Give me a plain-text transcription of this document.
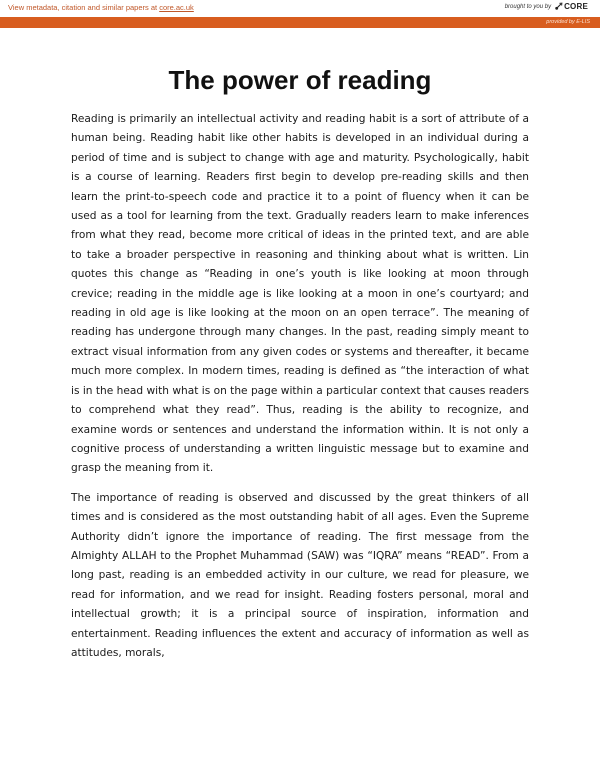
View metadata, citation and similar papers at core.ac.uk	brought to you by CORE
provided by E-LIS
The power of reading

Reading is primarily an intellectual activity and reading habit is a sort of attribute of a human being. Reading habit like other habits is developed in an individual during a period of time and is subject to change with age and maturity. Psychologically, habit is a course of learning. Readers first begin to develop pre-reading skills and then learn the print-to-speech code and practice it to a point of fluency when it can be used as a tool for learning from the text. Gradually readers learn to make inferences from what they read, become more critical of ideas in the printed text, and are able to take a broader perspective in reasoning and thinking about what is written. Lin quotes this change as “Reading in one’s youth is like looking at moon through crevice; reading in the middle age is like looking at a moon in one’s courtyard; and reading in old age is like looking at the moon on an open terrace”. The meaning of reading has undergone through many changes. In the past, reading simply meant to extract visual information from any given codes or systems and thereafter, it became much more complex. In modern times, reading is defined as “the interaction of what is in the head with what is on the page within a particular context that causes readers to comprehend what they read”. Thus, reading is the ability to recognize, and examine words or sentences and understand the information within. It is not only a cognitive process of understanding a written linguistic message but to examine and grasp the meaning from it.

The importance of reading is observed and discussed by the great thinkers of all times and is considered as the most outstanding habit of all ages. Even the Supreme Authority didn’t ignore the importance of reading. The first message from the Almighty ALLAH to the Prophet Muhammad (SAW) was “IQRA” means “READ”. From a long past, reading is an embedded activity in our culture, we read for pleasure, we read for information, and we read for insight. Reading fosters personal, moral and intellectual growth; it is a principal source of inspiration, information and entertainment. Reading influences the extent and accuracy of information as well as attitudes, morals,
